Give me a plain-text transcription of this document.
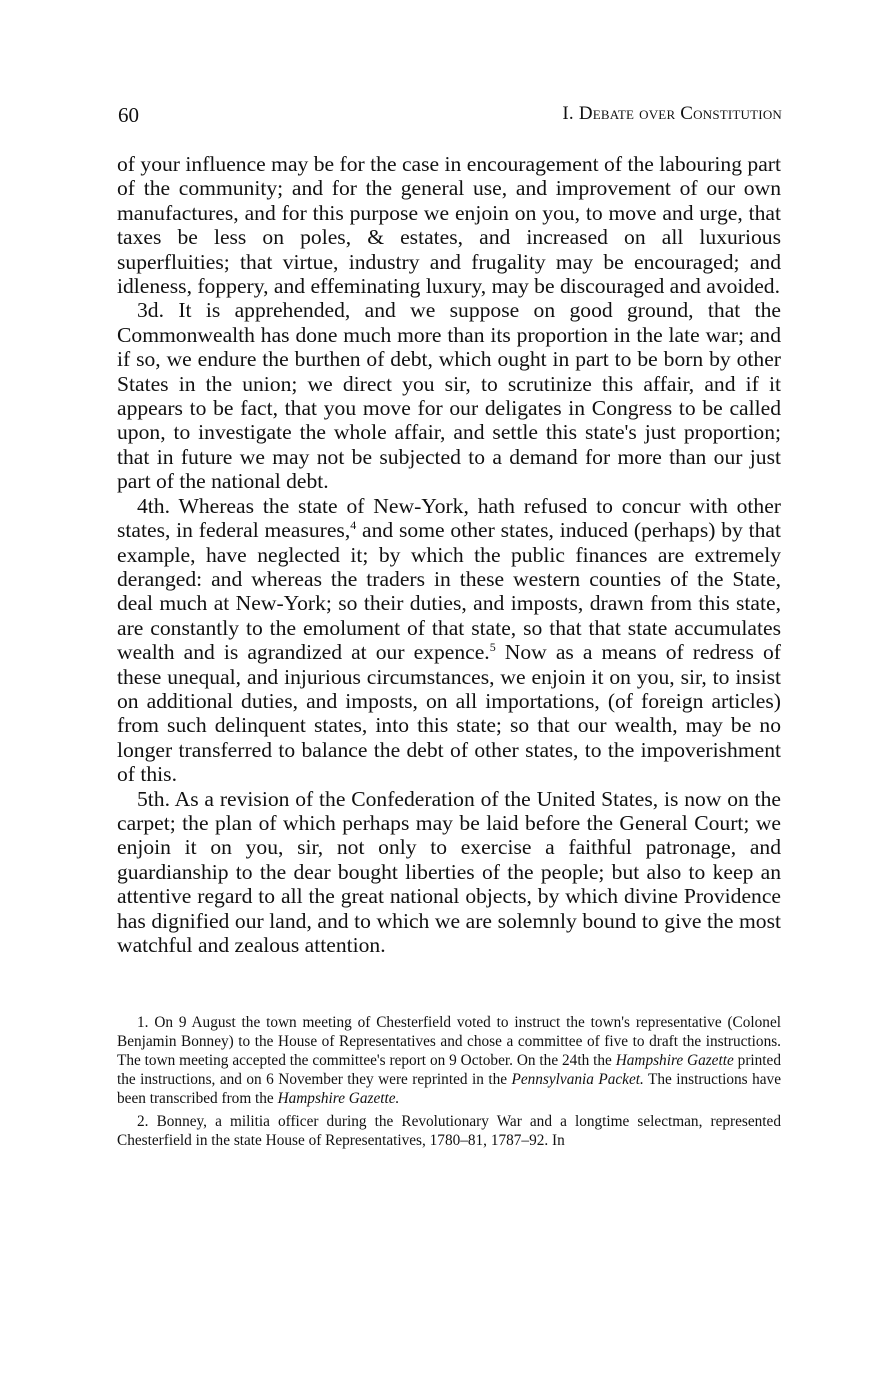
60	I. Debate over Constitution

of your influence may be for the case in encouragement of the labouring part of the community; and for the general use, and improvement of our own manufactures, and for this purpose we enjoin on you, to move and urge, that taxes be less on poles, & estates, and increased on all luxurious superfluities; that virtue, industry and frugality may be encouraged; and idleness, foppery, and effeminating luxury, may be discouraged and avoided.

3d. It is apprehended, and we suppose on good ground, that the Commonwealth has done much more than its proportion in the late war; and if so, we endure the burthen of debt, which ought in part to be born by other States in the union; we direct you sir, to scrutinize this affair, and if it appears to be fact, that you move for our deligates in Congress to be called upon, to investigate the whole affair, and settle this state's just proportion; that in future we may not be subjected to a demand for more than our just part of the national debt.

4th. Whereas the state of New-York, hath refused to concur with other states, in federal measures,$^4$ and some other states, induced (perhaps) by that example, have neglected it; by which the public finances are extremely deranged: and whereas the traders in these western counties of the State, deal much at New-York; so their duties, and imposts, drawn from this state, are constantly to the emolument of that state, so that that state accumulates wealth and is agrandized at our expence.$^5$ Now as a means of redress of these unequal, and injurious circumstances, we enjoin it on you, sir, to insist on additional duties, and imposts, on all importations, (of foreign articles) from such delinquent states, into this state; so that our wealth, may be no longer transferred to balance the debt of other states, to the impoverishment of this.

5th. As a revision of the Confederation of the United States, is now on the carpet; the plan of which perhaps may be laid before the General Court; we enjoin it on you, sir, not only to exercise a faithful patronage, and guardianship to the dear bought liberties of the people; but also to keep an attentive regard to all the great national objects, by which divine Providence has dignified our land, and to which we are solemnly bound to give the most watchful and zealous attention.

1. On 9 August the town meeting of Chesterfield voted to instruct the town's representative (Colonel Benjamin Bonney) to the House of Representatives and chose a committee of five to draft the instructions. The town meeting accepted the committee's report on 9 October. On the 24th the Hampshire Gazette printed the instructions, and on 6 November they were reprinted in the Pennsylvania Packet. The instructions have been transcribed from the Hampshire Gazette.

2. Bonney, a militia officer during the Revolutionary War and a longtime selectman, represented Chesterfield in the state House of Representatives, 1780–81, 1787–92. In
